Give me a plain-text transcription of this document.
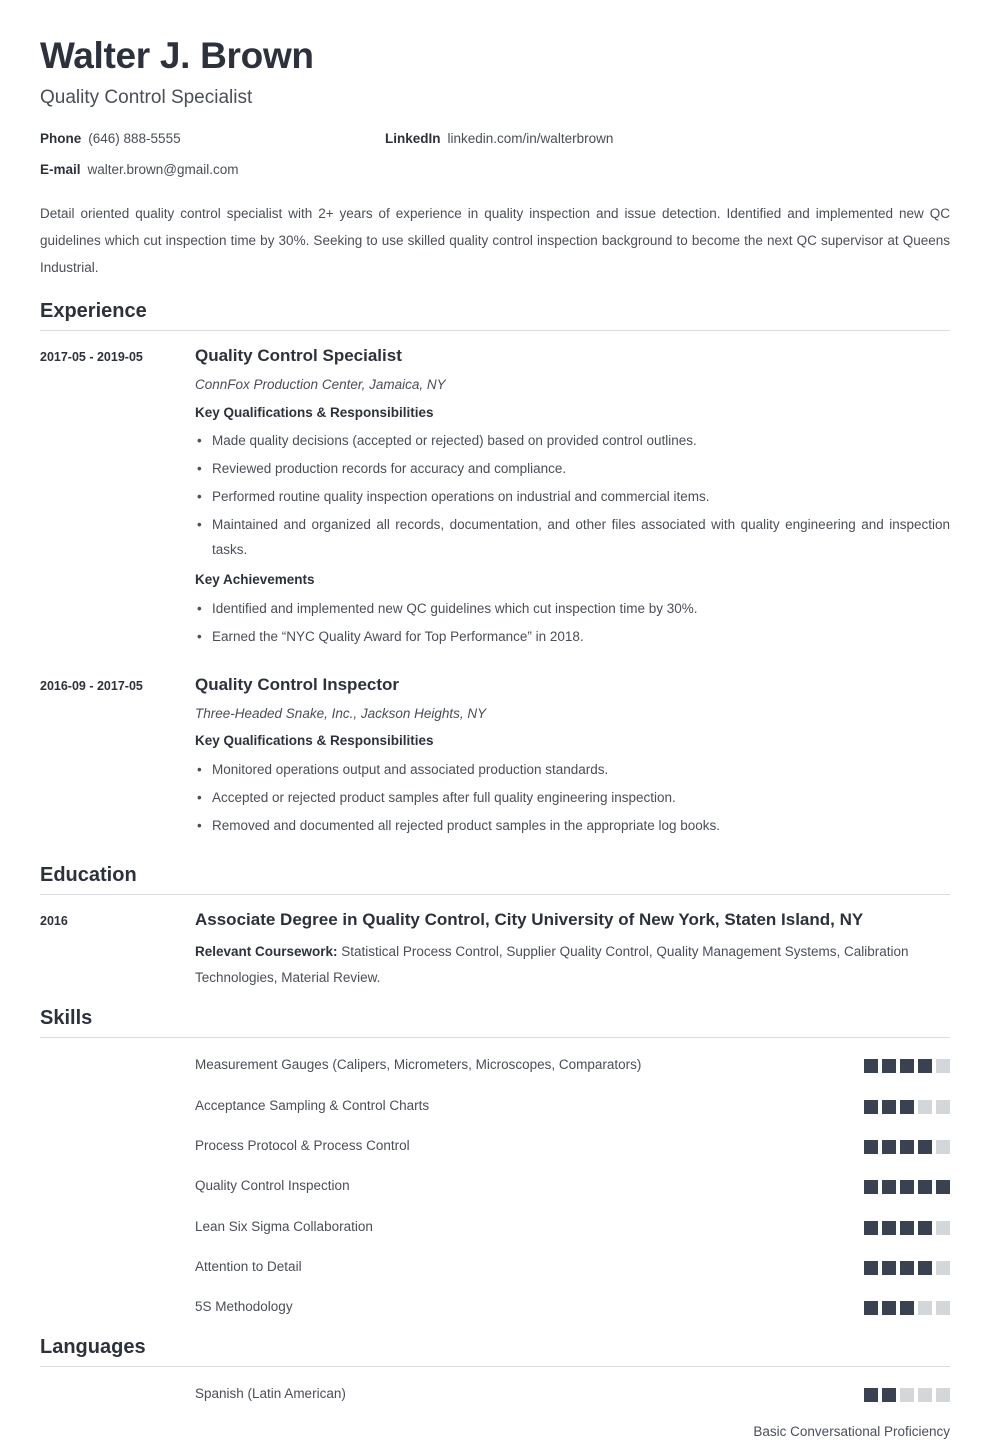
Walter J. Brown
Quality Control Specialist
Phone (646) 888-5555	LinkedIn linkedin.com/in/walterbrown
E-mail walter.brown@gmail.com

Detail oriented quality control specialist with 2+ years of experience in quality inspection and issue detection. Identified and implemented new QC guidelines which cut inspection time by 30%. Seeking to use skilled quality control inspection background to become the next QC supervisor at Queens Industrial.

Experience
2017-05 - 2019-05	Quality Control Specialist
ConnFox Production Center, Jamaica, NY
Key Qualifications & Responsibilities
• Made quality decisions (accepted or rejected) based on provided control outlines.
• Reviewed production records for accuracy and compliance.
• Performed routine quality inspection operations on industrial and commercial items.
• Maintained and organized all records, documentation, and other files associated with quality engineering and inspection tasks.
Key Achievements
• Identified and implemented new QC guidelines which cut inspection time by 30%.
• Earned the “NYC Quality Award for Top Performance” in 2018.
2016-09 - 2017-05	Quality Control Inspector
Three-Headed Snake, Inc., Jackson Heights, NY
Key Qualifications & Responsibilities
• Monitored operations output and associated production standards.
• Accepted or rejected product samples after full quality engineering inspection.
• Removed and documented all rejected product samples in the appropriate log books.
Education
2016	Associate Degree in Quality Control, City University of New York, Staten Island, NY
Relevant Coursework: Statistical Process Control, Supplier Quality Control, Quality Management Systems, Calibration Technologies, Material Review.
Skills
Measurement Gauges (Calipers, Micrometers, Microscopes, Comparators)
Acceptance Sampling & Control Charts
Process Protocol & Process Control
Quality Control Inspection
Lean Six Sigma Collaboration
Attention to Detail
5S Methodology
Languages
Spanish (Latin American)
Basic Conversational Proficiency
